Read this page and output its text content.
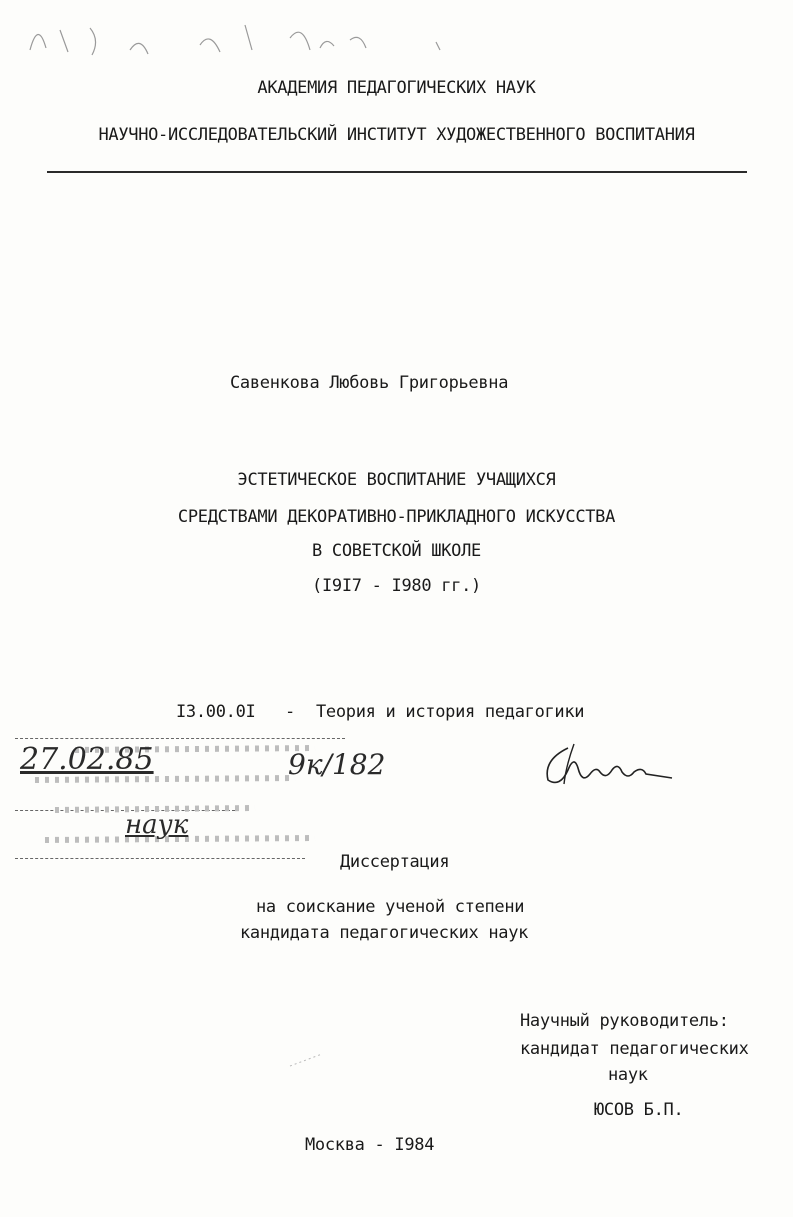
АКАДЕМИЯ ПЕДАГОГИЧЕСКИХ НАУК
НАУЧНО-ИССЛЕДОВАТЕЛЬСКИЙ ИНСТИТУТ ХУДОЖЕСТВЕННОГО ВОСПИТАНИЯ
Савенкова Любовь Григорьевна
ЭСТЕТИЧЕСКОЕ ВОСПИТАНИЕ УЧАЩИХСЯ
СРЕДСТВАМИ ДЕКОРАТИВНО-ПРИКЛАДНОГО ИСКУССТВА
В СОВЕТСКОЙ ШКОЛЕ
(I9I7 - I980 гг.)
I3.00.0I - Теория и история педагогики
27.02.85	9к/182
наук
Диссертация
на соискание ученой степени
кандидата педагогических наук
Научный руководитель:
кандидат педагогических
наук
ЮСОВ Б.П.
Москва - I984
